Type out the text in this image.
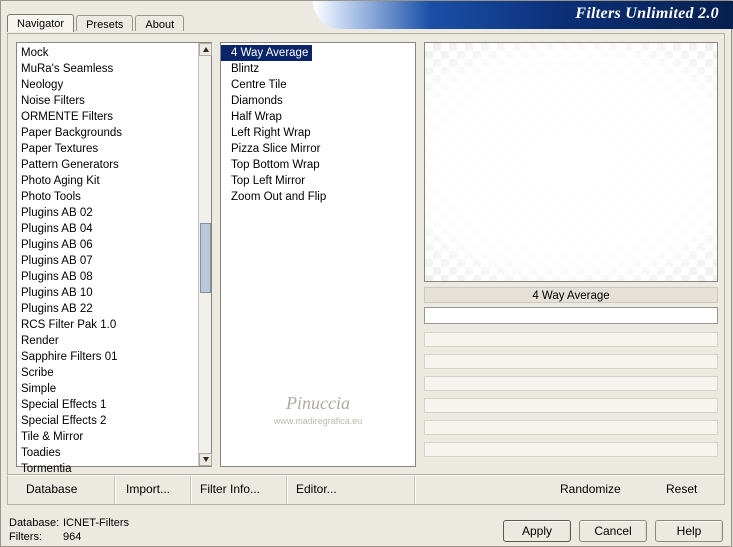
Filters Unlimited 2.0
Navigator	Presets	About
Mock
MuRa's Seamless
Neology
Noise Filters
ORMENTE Filters
Paper Backgrounds
Paper Textures
Pattern Generators
Photo Aging Kit
Photo Tools
Plugins AB 02
Plugins AB 04
Plugins AB 06
Plugins AB 07
Plugins AB 08
Plugins AB 10
Plugins AB 22
RCS Filter Pak 1.0
Render
Sapphire Filters 01
Scribe
Simple
Special Effects 1
Special Effects 2
Tile & Mirror
Toadies
Tormentia
4 Way Average
Blintz
Centre Tile
Diamonds
Half Wrap
Left Right Wrap
Pizza Slice Mirror
Top Bottom Wrap
Top Left Mirror
Zoom Out and Flip
Pinuccia
www.madiregrafica.eu
4 Way Average
Database	Import... Filter Info...	Editor...	Randomize	Reset
Database: ICNET-Filters
Filters: 964	Apply	Cancel	Help
